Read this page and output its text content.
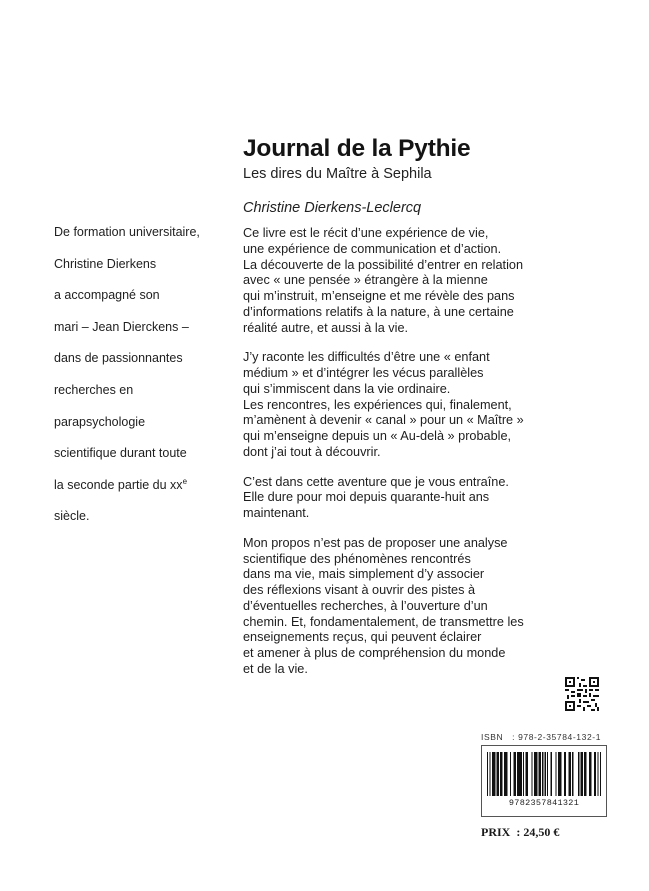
Journal de la Pythie
Les dires du Maître à Sephila
Christine Dierkens-Leclercq
De formation universitaire,
Christine Dierkens
a accompagné son
mari – Jean Dierckens –
dans de passionnantes
recherches en
parapsychologie
scientifique durant toute
la seconde partie du $xx^e$
siècle.
Ce livre est le récit d’une expérience de vie,
une expérience de communication et d’action.
La découverte de la possibilité d’entrer en relation
avec « une pensée » étrangère à la mienne
qui m’instruit, m’enseigne et me révèle des pans
d’informations relatifs à la nature, à une certaine
réalité autre, et aussi à la vie.
J’y raconte les difficultés d’être une « enfant
médium » et d’intégrer les vécus parallèles
qui s’immiscent dans la vie ordinaire.
Les rencontres, les expériences qui, finalement,
m’amènent à devenir « canal » pour un « Maître »
qui m’enseigne depuis un « Au-delà » probable,
dont j’ai tout à découvrir.
C’est dans cette aventure que je vous entraîne.
Elle dure pour moi depuis quarante-huit ans
maintenant.
Mon propos n’est pas de proposer une analyse
scientifique des phénomènes rencontrés
dans ma vie, mais simplement d’y associer
des réflexions visant à ouvrir des pistes à
d’éventuelles recherches, à l’ouverture d’un
chemin. Et, fondamentalement, de transmettre les
enseignements reçus, qui peuvent éclairer
et amener à plus de compréhension du monde
et de la vie.
ISBN : 978-2-35784-132-1
9782357841321
PRIX : 24,50 €
